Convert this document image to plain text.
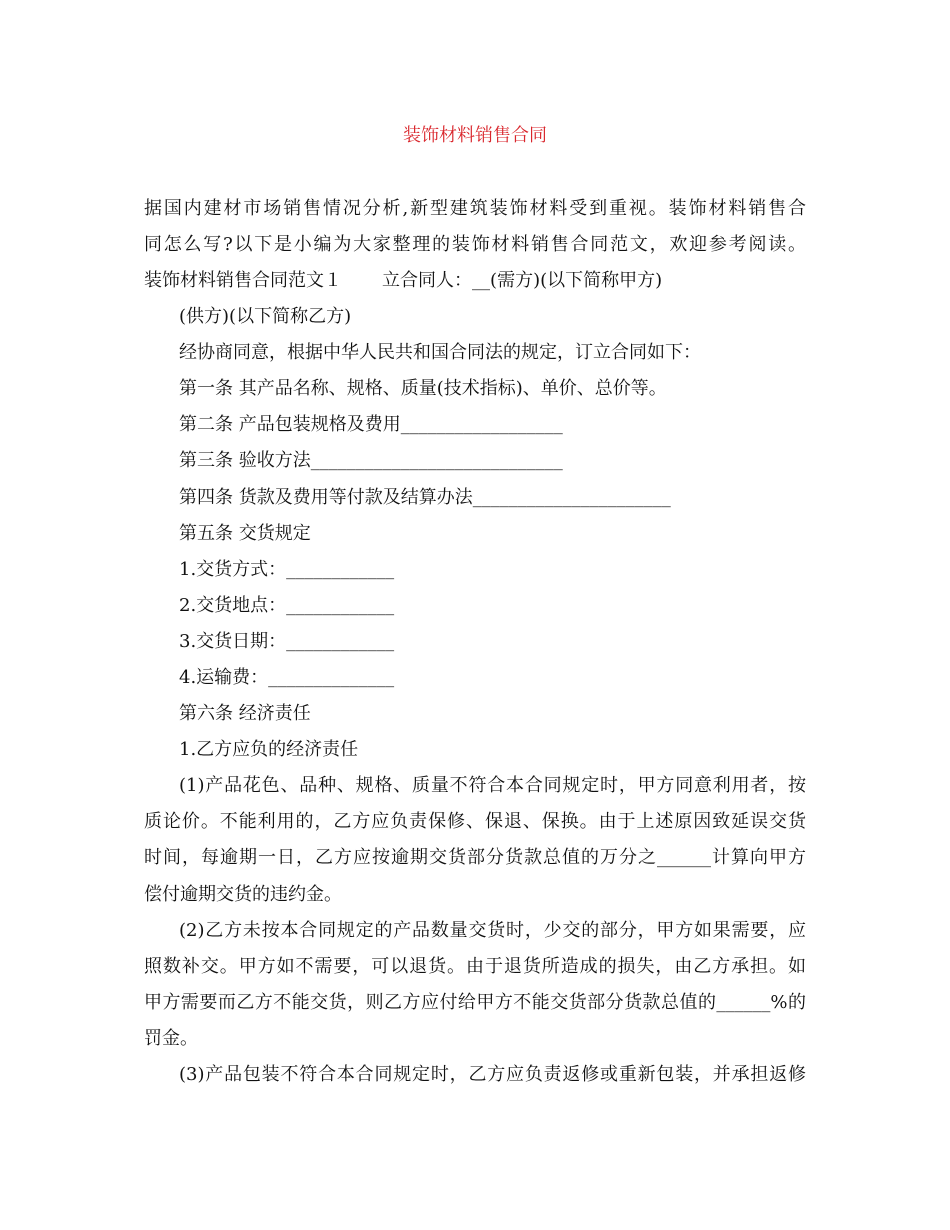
装饰材料销售合同
据国内建材市场销售情况分析,新型建筑装饰材料受到重视。装饰材料销售合
同怎么写?以下是小编为大家整理的装饰材料销售合同范文，欢迎参考阅读。
装饰材料销售合同范文１       立合同人：__(需方)(以下简称甲方)
(供方)(以下简称乙方)
经协商同意，根据中华人民共和国合同法的规定，订立合同如下：
第一条 其产品名称、规格、质量(技术指标)、单价、总价等。
第二条 产品包装规格及费用__________________
第三条 验收方法____________________________
第四条 货款及费用等付款及结算办法______________________
第五条 交货规定
1.交货方式：____________
2.交货地点：____________
3.交货日期：____________
4.运输费：______________
第六条 经济责任
1.乙方应负的经济责任
(1)产品花色、品种、规格、质量不符合本合同规定时，甲方同意利用者，按
质论价。不能利用的，乙方应负责保修、保退、保换。由于上述原因致延误交货
时间，每逾期一日，乙方应按逾期交货部分货款总值的万分之______计算向甲方
偿付逾期交货的违约金。
(2)乙方未按本合同规定的产品数量交货时，少交的部分，甲方如果需要，应
照数补交。甲方如不需要，可以退货。由于退货所造成的损失，由乙方承担。如
甲方需要而乙方不能交货，则乙方应付给甲方不能交货部分货款总值的______%的
罚金。
(3)产品包装不符合本合同规定时，乙方应负责返修或重新包装，并承担返修
